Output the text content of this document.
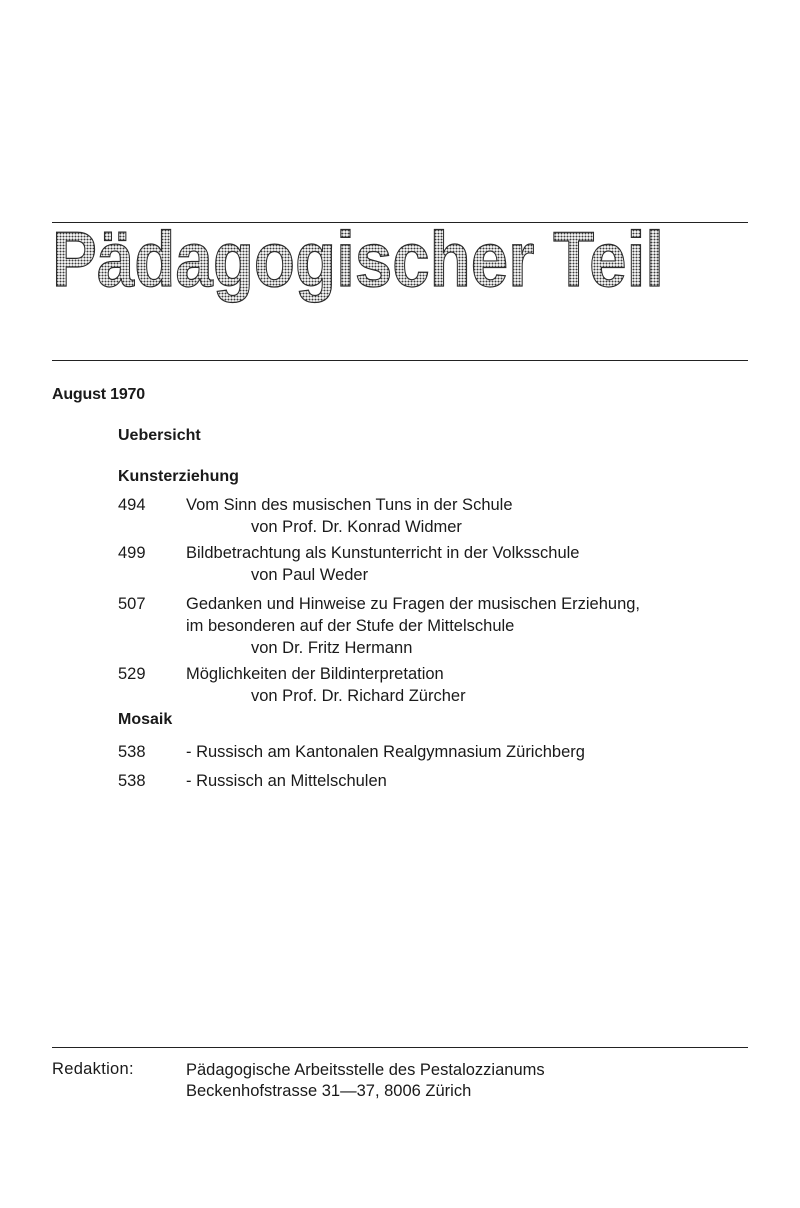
Pädagogischer Teil
August 1970
Uebersicht
Kunsterziehung
494	Vom Sinn des musischen Tuns in der Schule
von Prof. Dr. Konrad Widmer
499	Bildbetrachtung als Kunstunterricht in der Volksschule
von Paul Weder
507	Gedanken und Hinweise zu Fragen der musischen Erziehung,
im besonderen auf der Stufe der Mittelschule
von Dr. Fritz Hermann
529	Möglichkeiten der Bildinterpretation
von Prof. Dr. Richard Zürcher
Mosaik
538	- Russisch am Kantonalen Realgymnasium Zürichberg
538	- Russisch an Mittelschulen
Redaktion:	Pädagogische Arbeitsstelle des Pestalozzianums
Beckenhofstrasse 31—37, 8006 Zürich
